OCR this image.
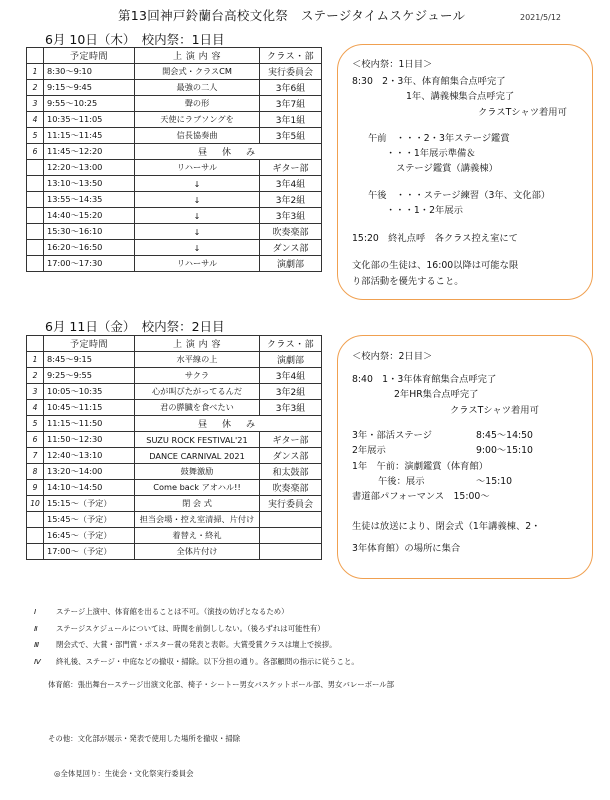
第13回神戸鈴蘭台高校文化祭　ステージタイムスケジュール	2021/5/12
6月 10日（木）　校内祭：1日目
	予定時間	上 演 内 容	クラス・部
1	8:30〜9:10	開会式・クラスCM	実行委員会
2	9:15〜9:45	最強の二人	3年6組
3	9:55〜10:25	聲の形	3年7組
4	10:35〜11:05	天使にラブソングを	3年1組
5	11:15〜11:45	信長協奏曲	3年5組
6	11:45〜12:20	昼　休　み	
	12:20〜13:00	リハーサル	ギター部
	13:10〜13:50	↓	3年4組
	13:55〜14:35	↓	3年2組
	14:40〜15:20	↓	3年3組
	15:30〜16:10	↓	吹奏楽部
	16:20〜16:50	↓	ダンス部
	17:00〜17:30	リハーサル	演劇部
＜校内祭：1日目＞
8:30　2・3年、体育館集合点呼完了
1年、講義棟集合点呼完了
クラスTシャツ着用可
午前　・・・2・3年ステージ鑑賞
・・・1年展示準備＆
ステージ鑑賞（講義棟）
午後　・・・ステージ練習（3年、文化部）
・・・1・2年展示
15:20　終礼点呼　各クラス控え室にて
文化部の生徒は、16:00以降は可能な限
り部活動を優先すること。
6月 11日（金）　校内祭：2日目
	予定時間	上 演 内 容	クラス・部
1	8:45〜9:15	水平線の上	演劇部
2	9:25〜9:55	サクラ	3年4組
3	10:05〜10:35	心が叫びたがってるんだ	3年2組
4	10:45〜11:15	君の膵臓を食べたい	3年3組
5	11:15〜11:50	昼　休　み	
6	11:50〜12:30	SUZU ROCK FESTIVAL'21	ギター部
7	12:40〜13:10	DANCE CARNIVAL 2021	ダンス部
8	13:20〜14:00	鼓舞激励	和太鼓部
9	14:10〜14:50	Come back アオハル!!	吹奏楽部
10	15:15〜（予定）	閉 会 式	実行委員会
	15:45〜（予定）	担当会場・控え室清掃、片付け	
	16:45〜（予定）	着替え・終礼	
	17:00〜（予定）	全体片付け	
＜校内祭：2日目＞
8:40　1・3年体育館集合点呼完了
2年HR集合点呼完了
クラスTシャツ着用可
3年・部活ステージ	8:45〜14:50
2年展示	9:00〜15:10
1年　午前：演劇鑑賞（体育館）
午後：展示	〜15:10
書道部パフォーマンス　15:00〜
生徒は放送により、閉会式（1年講義棟、2・
3年体育館）の場所に集合
Ⅰ	ステージ上演中、体育館を出ることは不可。（演技の妨げとなるため）
Ⅱ ステージスケジュールについては、時間を前倒ししない。（後ろずれは可能性有）
Ⅲ 閉会式で、大賞・部門賞・ポスター賞の発表と表彰。大賞受賞クラスは壇上で挨拶。
Ⅳ 終礼後、ステージ・中庭などの撤収・掃除。以下分担の通り。各部顧問の指示に従うこと。
体育館：張出舞台ーステージ出演文化部、椅子・シートー男女バスケットボール部、男女バレーボール部
その他：文化部が展示・発表で使用した場所を撤収・掃除
◎全体見回り：生徒会・文化祭実行委員会
